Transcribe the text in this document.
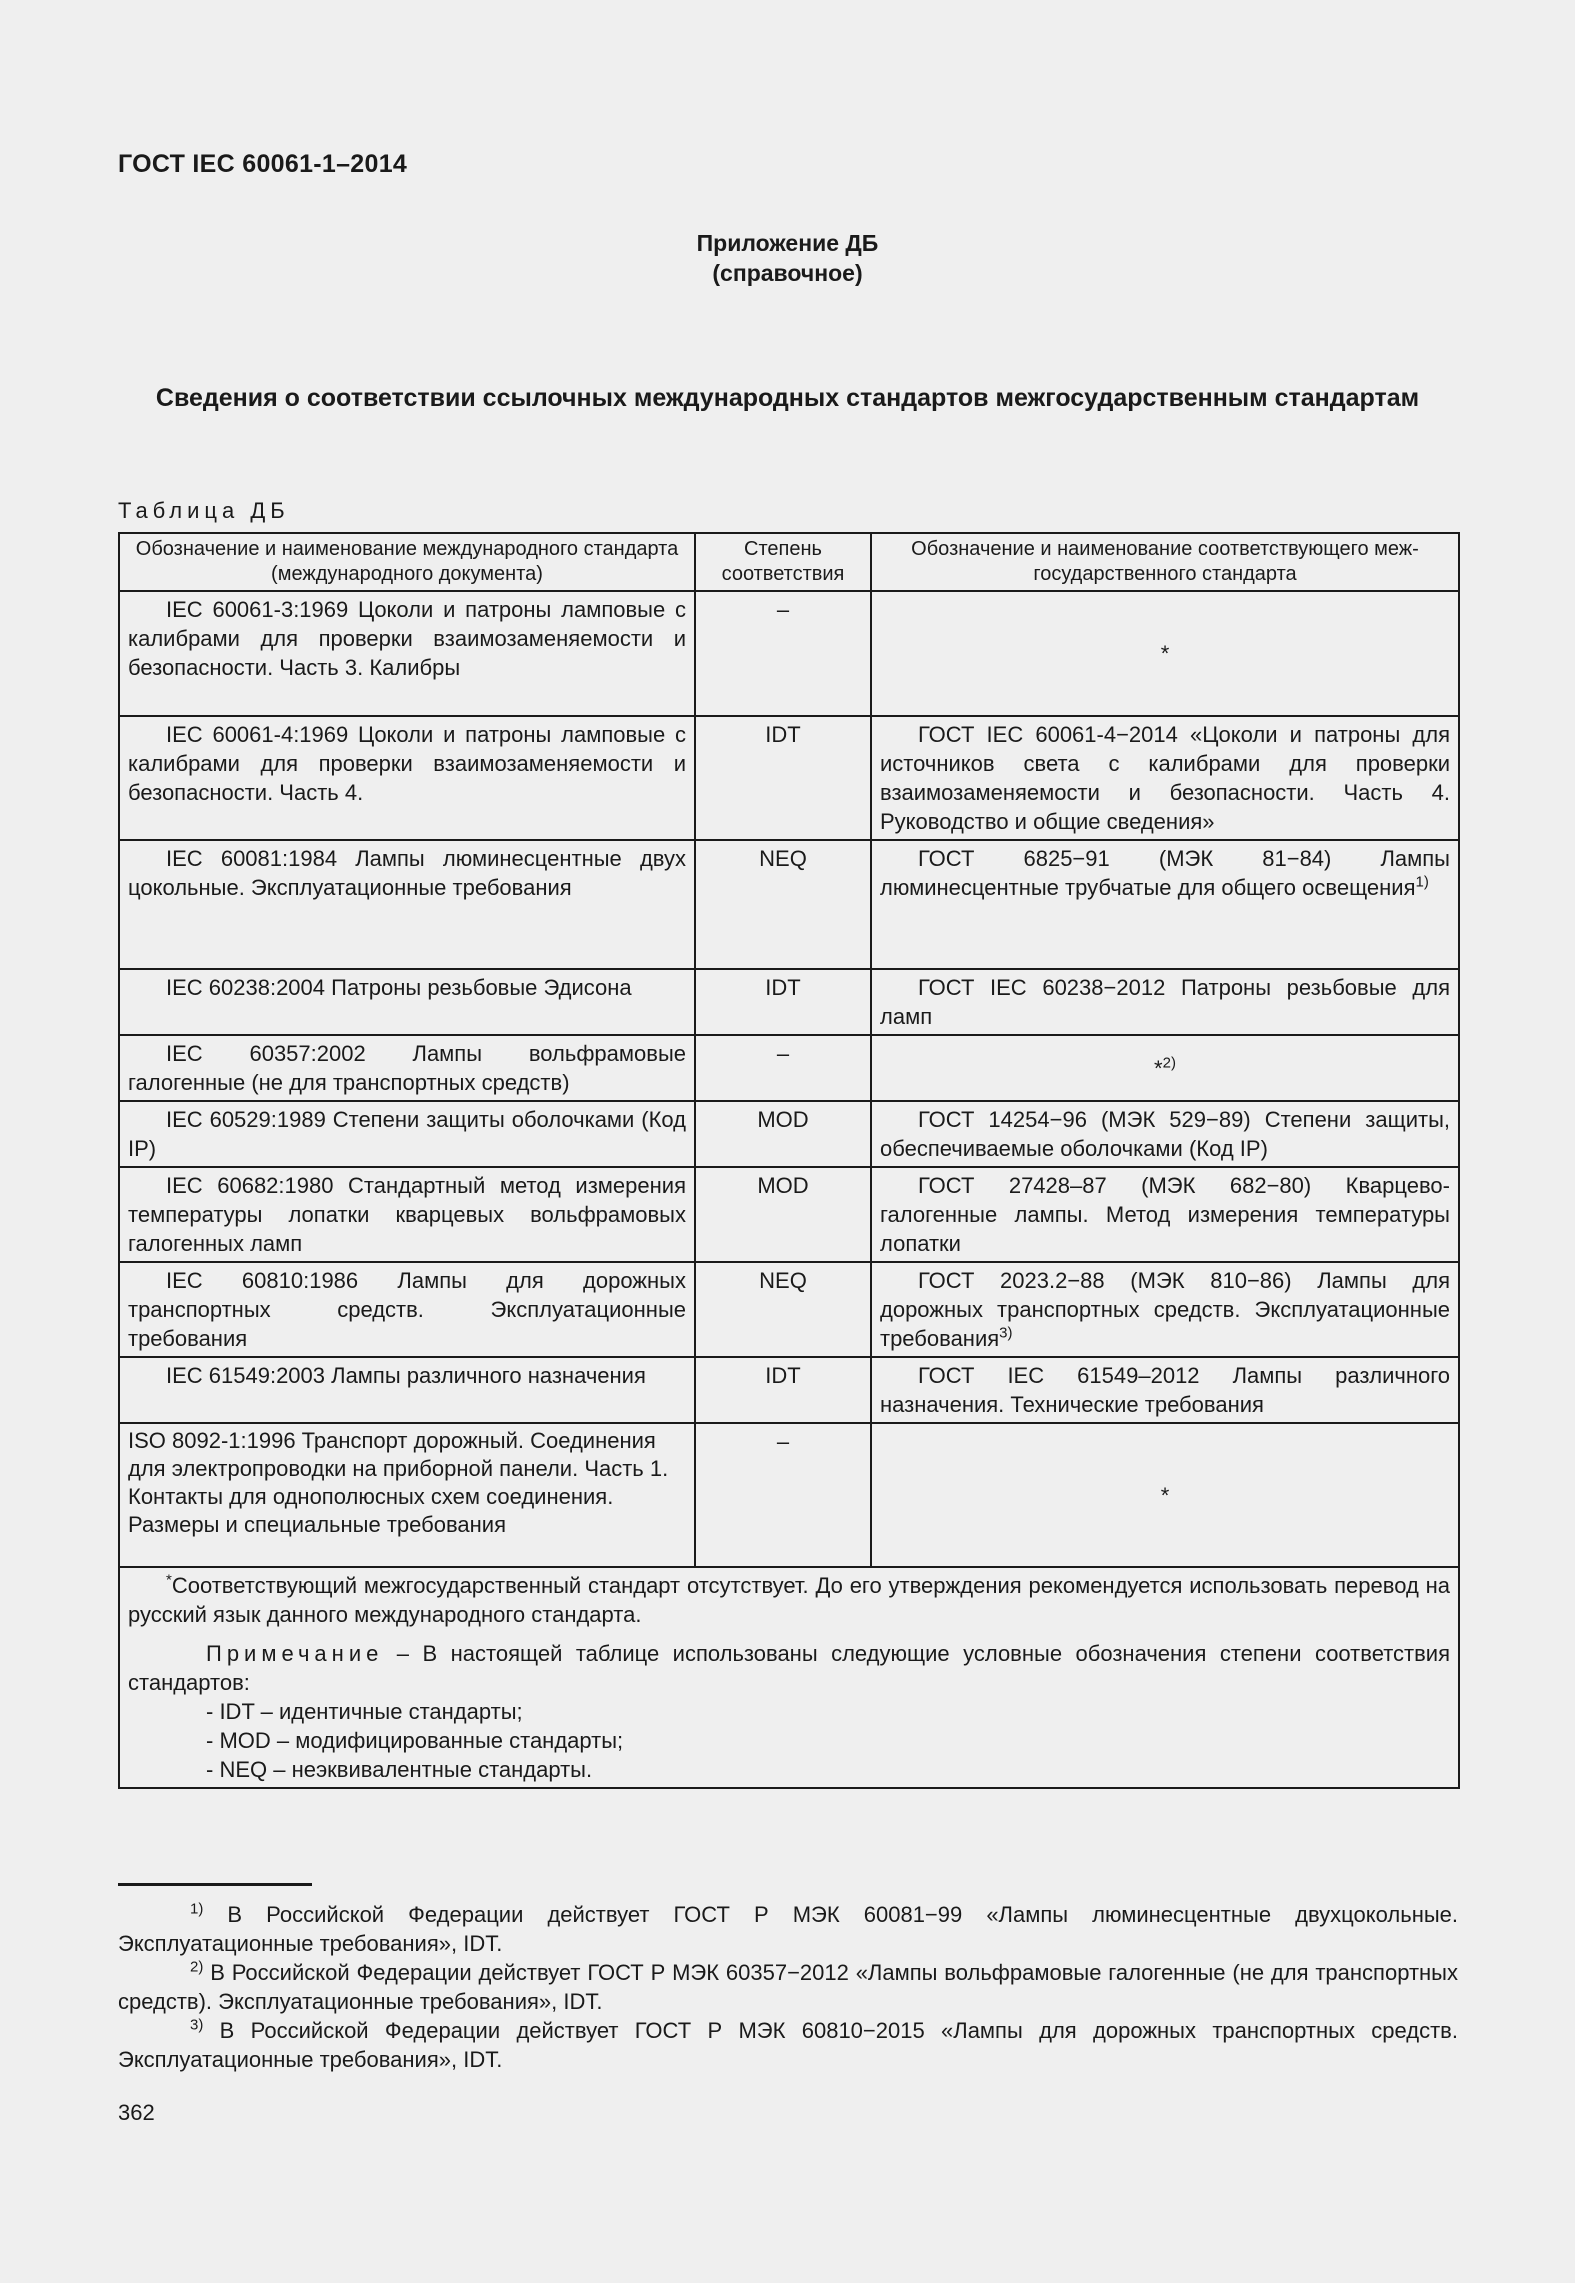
ГОСТ IEC 60061-1–2014
Приложение ДБ
(справочное)
Сведения о соответствии ссылочных международных стандартов межгосударственным стандартам
Таблица ДБ
Обозначение и наименование международного стандарта (международного документа)	Степень соответствия	Обозначение и наименование соответствующего меж-государственного стандарта
IEC 60061-3:1969 Цоколи и патроны ламповые с калибрами для проверки взаимозаменяемости и безопасности. Часть 3. Калибры	–	*
IEC 60061-4:1969 Цоколи и патроны ламповые с калибрами для проверки взаимозаменяемости и безопасности. Часть 4.	IDT	ГОСТ IEC 60061-4−2014 «Цоколи и патроны для источников света с калибрами для проверки взаимозаменяемости и безопасности. Часть 4. Руководство и общие сведения»
IEC 60081:1984 Лампы люминесцентные двух цокольные. Эксплуатационные требования	NEQ	ГОСТ 6825−91 (МЭК 81−84) Лампы люминесцентные трубчатые для общего освещения$^{1)}$
IEC 60238:2004 Патроны резьбовые Эдисона	IDT	ГОСТ IEC 60238−2012 Патроны резьбовые для ламп
IEC 60357:2002 Лампы вольфрамовые галогенные (не для транспортных средств)	–	*$^{2)}$
IEC 60529:1989 Степени защиты оболочками (Код IP)	MOD	ГОСТ 14254−96 (МЭК 529−89) Степени защиты, обеспечиваемые оболочками (Код IP)
IEC 60682:1980 Стандартный метод измерения температуры лопатки кварцевых вольфрамовых галогенных ламп	MOD	ГОСТ 27428–87 (МЭК 682−80) Кварцево-галогенные лампы. Метод измерения температуры лопатки
IEC 60810:1986 Лампы для дорожных транспортных средств. Эксплуатационные требования	NEQ	ГОСТ 2023.2−88 (МЭК 810−86) Лампы для дорожных транспортных средств. Эксплуатационные требования$^{3)}$
IEC 61549:2003 Лампы различного назначения	IDT	ГОСТ IEC 61549–2012 Лампы различного назначения. Технические требования
ISO 8092-1:1996 Транспорт дорожный. Соединения для электропроводки на приборной панели. Часть 1. Контакты для однополюсных схем соединения. Размеры и специальные требования	–	*

*Соответствующий межгосударственный стандарт отсутствует. До его утверждения рекомендуется использовать перевод на русский язык данного международного стандарта.

Примечание – В настоящей таблице использованы следующие условные обозначения степени соответствия стандартов:

- IDT – идентичные стандарты;
- MOD – модифицированные стандарты;
- NEQ – неэквивалентные стандарты.		

$^{1)}$ В Российской Федерации действует ГОСТ Р МЭК 60081−99 «Лампы люминесцентные двухцокольные. Эксплуатационные требования», IDT.

$^{2)}$ В Российской Федерации действует ГОСТ Р МЭК 60357−2012 «Лампы вольфрамовые галогенные (не для транспортных средств). Эксплуатационные требования», IDT.

$^{3)}$ В Российской Федерации действует ГОСТ Р МЭК 60810−2015 «Лампы для дорожных транспортных средств. Эксплуатационные требования», IDT.

362
